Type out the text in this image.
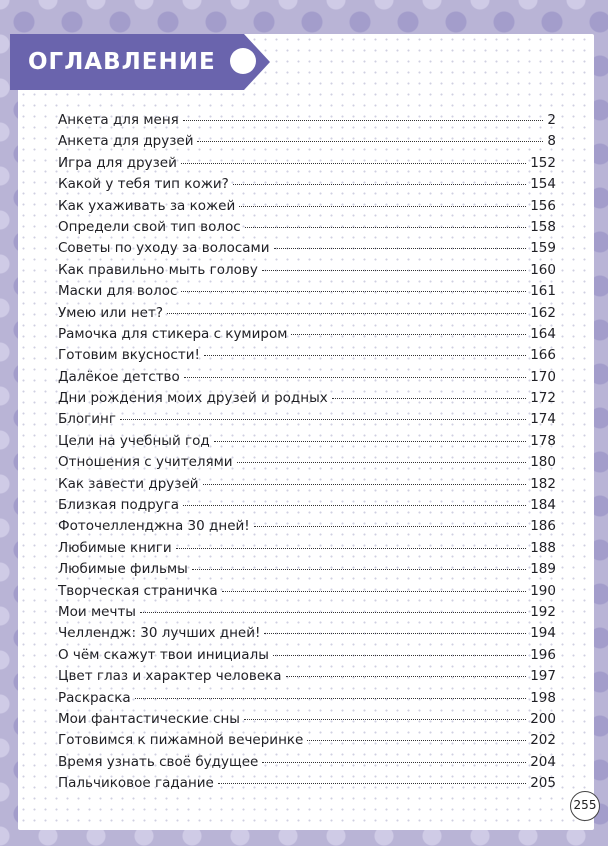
ОГЛАВЛЕНИЕ
Анкета для меня	2
Анкета для друзей	8
Игра для друзей	152
Какой у тебя тип кожи?	154
Как ухаживать за кожей	156
Определи свой тип волос	158
Советы по уходу за волосами	159
Как правильно мыть голову	160
Маски для волос	161
Умею или нет?	162
Рамочка для стикера с кумиром	164
Готовим вкусности!	166
Далёкое детство	170
Дни рождения моих друзей и родных	172
Блогинг	174
Цели на учебный год	178
Отношения с учителями	180
Как завести друзей	182
Близкая подруга	184
Фоточелленджна 30 дней!	186
Любимые книги	188
Любимые фильмы	189
Творческая страничка	190
Мои мечты	192
Челлендж: 30 лучших дней!	194
О чём скажут твои инициалы	196
Цвет глаз и характер человека	197
Раскраска	198
Мои фантастические сны	200
Готовимся к пижамной вечеринке	202
Время узнать своё будущее	204
Пальчиковое гадание	205
255
